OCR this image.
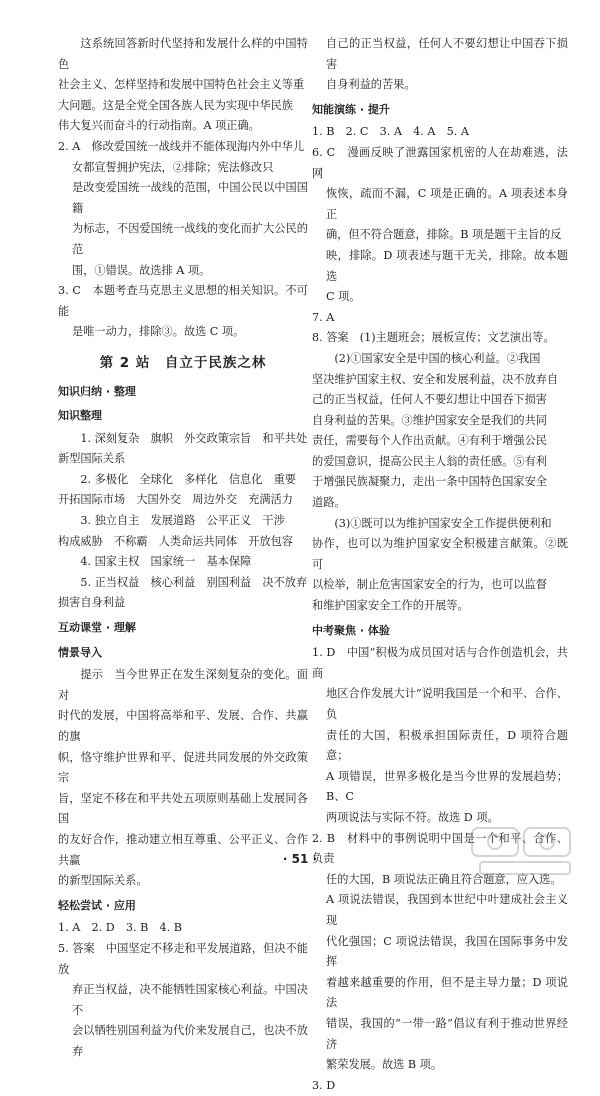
这系统回答新时代坚持和发展什么样的中国特色
社会主义、怎样坚持和发展中国特色社会主义等重
大问题。这是全党全国各族人民为实现中华民族
伟大复兴而奋斗的行动指南。A 项正确。
2. A　修改爱国统一战线并不能体现海内外中华儿
女都宣誓拥护宪法，②排除；宪法修改只
是改变爱国统一战线的范围，中国公民以中国国籍
为标志，不因爱国统一战线的变化而扩大公民的范
围，①错误。故选排 A 项。
3. C　本题考查马克思主义思想的相关知识。不可能
是唯一动力，排除③。故选 C 项。
第 2 站　自立于民族之林
知识归纳 · 整理
知识整理
1. 深刻复杂　旗帜　外交政策宗旨　和平共处
新型国际关系
2. 多极化　全球化　多样化　信息化　重要
开拓国际市场　大国外交　周边外交　充满活力
3. 独立自主　发展道路　公平正义　干涉
构成威胁　不称霸　人类命运共同体　开放包容
4. 国家主权　国家统一　基本保障
5. 正当权益　核心利益　别国利益　决不放弃
损害自身利益
互动课堂 · 理解
情景导入
提示　当今世界正在发生深刻复杂的变化。面对
时代的发展，中国将高举和平、发展、合作、共赢的旗
帜，恪守维护世界和平、促进共同发展的外交政策宗
旨，坚定不移在和平共处五项原则基础上发展同各国
的友好合作，推动建立相互尊重、公平正义、合作共赢
的新型国际关系。
轻松尝试 · 应用
1. A　2. D　3. B　4. B
5. 答案　中国坚定不移走和平发展道路，但决不能放
弃正当权益，决不能牺牲国家核心利益。中国决不
会以牺牲别国利益为代价来发展自己，也决不放弃
自己的正当权益，任何人不要幻想让中国吞下损害
自身利益的苦果。
知能演练 · 提升
1. B　2. C　3. A　4. A　5. A
6. C　漫画反映了泄露国家机密的人在劫难逃，法网
恢恢，疏而不漏，C 项是正确的。A 项表述本身正
确，但不符合题意，排除。B 项是题干主旨的反
映，排除。D 项表述与题干无关，排除。故本题选
C 项。
7. A
8. 答案　(1)主题班会；展板宣传；文艺演出等。
(2)①国家安全是中国的核心利益。②我国
坚决维护国家主权、安全和发展利益，决不放弃自
己的正当权益，任何人不要幻想让中国吞下损害
自身利益的苦果。③维护国家安全是我们的共同
责任，需要每个人作出贡献。④有利于增强公民
的爱国意识，提高公民主人翁的责任感。⑤有利
于增强民族凝聚力，走出一条中国特色国家安全
道路。
(3)①既可以为维护国家安全工作提供便利和
协作，也可以为维护国家安全积极建言献策。②既可
以检举，制止危害国家安全的行为，也可以监督
和维护国家安全工作的开展等。
中考聚焦 · 体验
1. D　中国“积极为成员国对话与合作创造机会，共商
地区合作发展大计”说明我国是一个和平、合作、负
责任的大国，积极承担国际责任，D 项符合题意；
A 项错误，世界多极化是当今世界的发展趋势；B、C
两项说法与实际不符。故选 D 项。
2. B　材料中的事例说明中国是一个和平、合作、负责
任的大国，B 项说法正确且符合题意，应入选。
A 项说法错误，我国到本世纪中叶建成社会主义现
代化强国；C 项说法错误，我国在国际事务中发挥
着越来越重要的作用，但不是主导力量；D 项说法
错误，我国的“一带一路”倡议有利于推动世界经济
繁荣发展。故选 B 项。
3. D
· 51 ·
